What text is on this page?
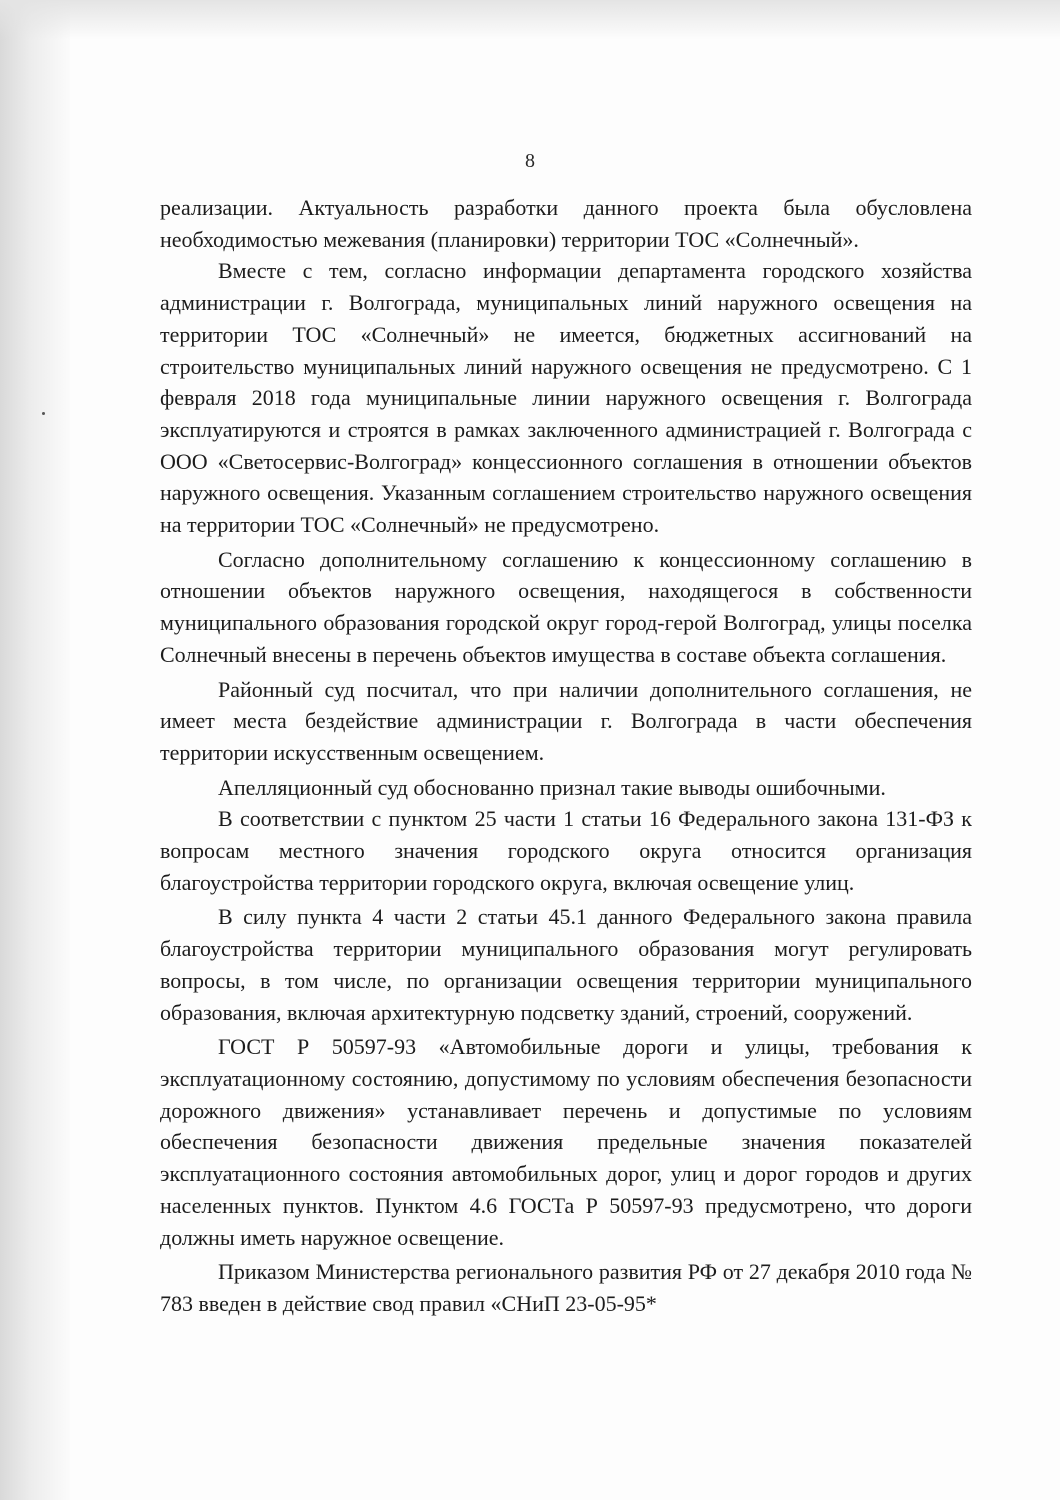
8

реализации. Актуальность разработки данного проекта была обусловлена необходимостью межевания (планировки) территории ТОС «Солнечный».

Вместе с тем, согласно информации департамента городского хозяйства администрации г. Волгограда, муниципальных линий наружного освещения на территории ТОС «Солнечный» не имеется, бюджетных ассигнований на строительство муниципальных линий наружного освещения не предусмотрено. С 1 февраля 2018 года муниципальные линии наружного освещения г. Волгограда эксплуатируются и строятся в рамках заключенного администрацией г. Волгограда с ООО «Светосервис-Волгоград» концессионного соглашения в отношении объектов наружного освещения. Указанным соглашением строительство наружного освещения на территории ТОС «Солнечный» не предусмотрено.

Согласно дополнительному соглашению к концессионному соглашению в отношении объектов наружного освещения, находящегося в собственности муниципального образования городской округ город-герой Волгоград, улицы поселка Солнечный внесены в перечень объектов имущества в составе объекта соглашения.

Районный суд посчитал, что при наличии дополнительного соглашения, не имеет места бездействие администрации г. Волгограда в части обеспечения территории искусственным освещением.

Апелляционный суд обоснованно признал такие выводы ошибочными.

В соответствии с пунктом 25 части 1 статьи 16 Федерального закона 131-ФЗ к вопросам местного значения городского округа относится организация благоустройства территории городского округа, включая освещение улиц.

В силу пункта 4 части 2 статьи 45.1 данного Федерального закона правила благоустройства территории муниципального образования могут регулировать вопросы, в том числе, по организации освещения территории муниципального образования, включая архитектурную подсветку зданий, строений, сооружений.

ГОСТ Р 50597-93 «Автомобильные дороги и улицы, требования к эксплуатационному состоянию, допустимому по условиям обеспечения безопасности дорожного движения» устанавливает перечень и допустимые по условиям обеспечения безопасности движения предельные значения показателей эксплуатационного состояния автомобильных дорог, улиц и дорог городов и других населенных пунктов. Пунктом 4.6 ГОСТа Р 50597-93 предусмотрено, что дороги должны иметь наружное освещение.

Приказом Министерства регионального развития РФ от 27 декабря 2010 года № 783 введен в действие свод правил «СНиП 23-05-95*
